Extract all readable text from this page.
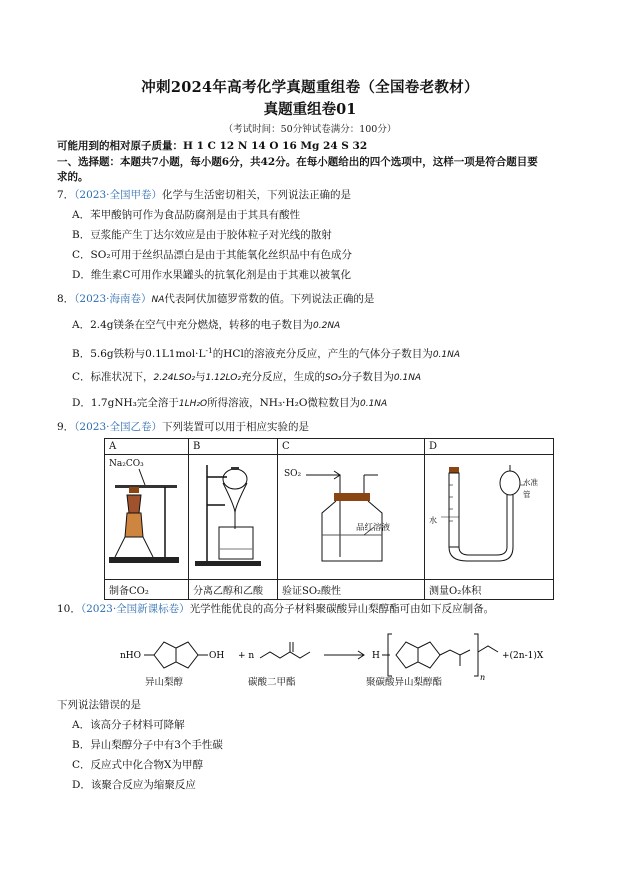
冲刺2024年高考化学真题重组卷（全国卷老教材）
真题重组卷01
（考试时间：50分钟试卷满分：100分）
可能用到的相对原子质量：H 1 C 12 N 14 O 16 Mg 24 S 32
一、选择题：本题共7小题，每小题6分，共42分。在每小题给出的四个选项中，这样一项是符合题目要
求的。
7．（2023·全国甲卷）化学与生活密切相关，下列说法正确的是
A．苯甲酸钠可作为食品防腐剂是由于其具有酸性
B．豆浆能产生丁达尔效应是由于胶体粒子对光线的散射
C．SO₂可用于丝织品漂白是由于其能氧化丝织品中有色成分
D．维生素C可用作水果罐头的抗氧化剂是由于其难以被氧化
8．（2023·海南卷）NA代表阿伏加德罗常数的值。下列说法正确的是
A．2.4g镁条在空气中充分燃烧，转移的电子数目为0.2NA
B．5.6g铁粉与$0.1L1mol\cdot L^{-1}$的HCl的溶液充分反应，产生的气体分子数目为0.1NA
C．标准状况下，2.24LSO₂与1.12LO₂充分反应，生成的SO₃分子数目为0.1NA
D．1.7gNH₃完全溶于1LH₂O所得溶液，NH₃·H₂O微粒数目为0.1NA
9．（2023·全国乙卷）下列装置可以用于相应实验的是
A	B	C	D

Na₂CO₃		SO₂
品红溶液	水
水准
管

制备CO₂	分离乙醇和乙酸	验证SO₂酸性	测量O₂体积
10．（2023·全国新课标卷）光学性能优良的高分子材料聚碳酸异山梨醇酯可由如下反应制备。
nHO	OH + n	H
n
+(2n-1)X
异山梨醇	碳酸二甲酯	聚碳酸异山梨醇酯
下列说法错误的是
A．该高分子材料可降解
B．异山梨醇分子中有3个手性碳
C．反应式中化合物X为甲醇
D．该聚合反应为缩聚反应
